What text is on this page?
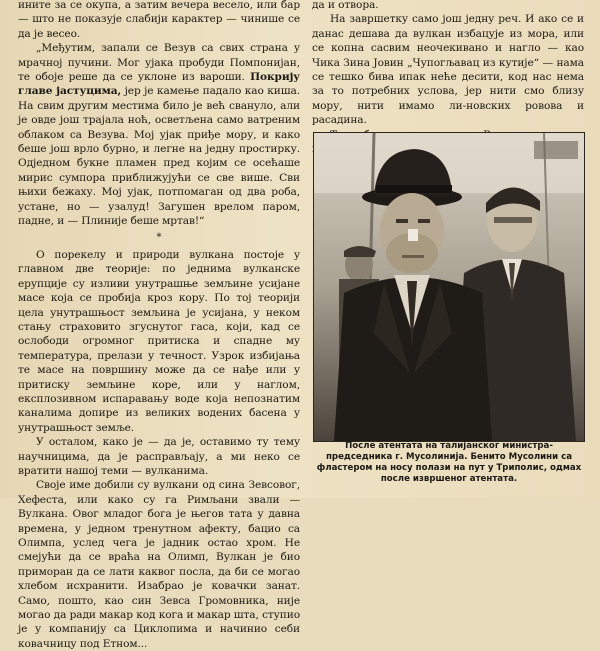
ините за се окупа, а затим вечера весело, или бар — што не показује слабији карактер — чинише се да је весео.

„Међутим, запали се Везув са свих страна у мрачној пучини. Мог ујака пробуди Помпонијан, те обоје реше да се уклоне из вароши. Покрију главе јастуцима, јер је камење падало као киша. На свим другим местима било је већ свануло, али је овде још трајала ноћ, осветљена само ватреним облаком са Везува. Мој ујак приђе мору, и како беше још врло бурно, и легне на једну простирку. Одједном букне пламен пред којим се осећаше мирис сумпора приближујући се све више. Сви њихи бежаху. Мој ујак, потпомаган од два роба, устане, но — узалуд! Загушен врелом паром, падне, и — Плиније беше мртав!“

*

О порекелу и природи вулкана постоје у главном две теорије: по једнима вулканске ерупције су изливи унутрашње земљине усијане масе која се пробија кроз кору. По тој теорији цела унутрашњост земљина је усијана, у неком стању страховито згуснутог гаса, који, кад се ослободи огромног притиска и спадне му температура, прелази у течност. Узрок избијања те масе на површину може да се нађе или у притиску земљине коре, или у наглом, експлозивном испаравању воде која непознатим каналима допире из великих водених басена у унутрашњост земље.

У осталом, како је — да је, оставимо ту тему научницима, да је расправљају, а ми некo се вратити нашој теми — вулканима.

Своје име добили су вулкани од сина Зевсовог, Хефеста, или како су га Римљани звали — Вулкана. Овог младог бога је његов тата у давна времена, у једном тренутном афекту, бацио са Олимпа, услед чега је јадник остао хром. Не смејући да се врaћа на Олимп, Вулкан је био приморан да се лати каквог посла, да би се могао хлебом исхранити. Изабрао је ковачки занат. Само, пошто, као син Зевса Громовника, није могао да ради макар код кога и макар шта, ступио је у компанију са Циклопима и начинио себи ковачницу под Етном...

да и отвора.

На завршетку само још једну реч. И ако се и данас дешава да вулкан избацује из мора, или се копна сасвим неочекивано и нагло — као Чика Зина Јовин „Чупогљавац из кутије“ — нама се тешко бива ипак неће десити, код нас нема за то потребних услова, јер нити смо близу мору, нити имамо ли-новских ровова и расадина.

После атентата на талијанског министра-председника г. Мусолинија. Бенито Мусолини са фластером на носу полази на пут у Триполис, одмах после извршеног атентата.
